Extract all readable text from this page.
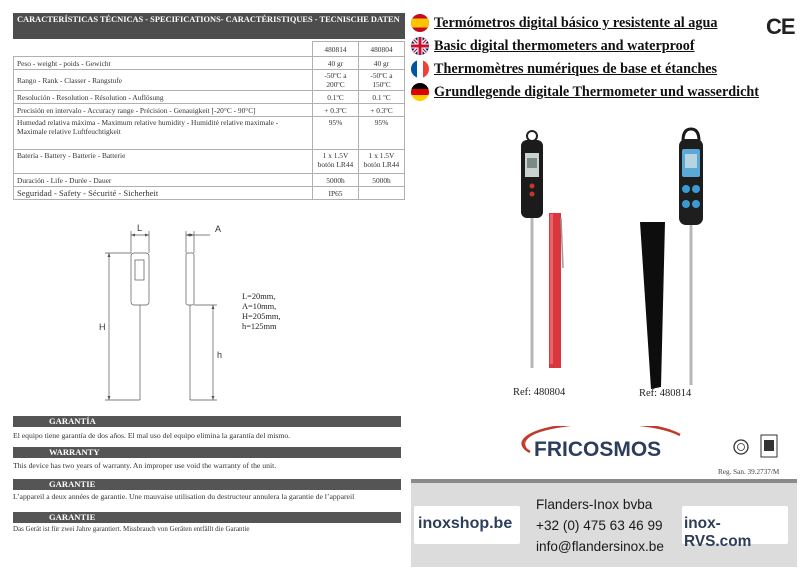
CARACTERÍSTICAS TÉCNICAS - SPECIFICATIONS- CARACTÉRISTIQUES - TECNISCHE DATEN
	480814	480804
Peso - weight - poids - Gewicht	40 gr	40 gr
Rango - Rank - Classer - Rangstufe	-50ºC a 200ºC	-50ºC a 150ºC
Resolución - Resolution - Résolution - Auflösung	0.1ºC	0.1 ºC
Precisión en intervalo - Accuracy range - Précision - Genauigkeit [-20°C - 90°C]	+ 0.3ºC	+ 0.3ºC
Humedad relativa máxima - Maximum relative humidity - Humidité relative maximale - Maximale relative Luftfeuchtigkeit	95%	95%
Batería - Battery - Batterie - Batterie	1 x 1.5V botón LR44	1 x 1.5V botón LR44
Duración - Life - Durée - Dauer	5000h	5000h
Seguridad - Safety - Sécurité - Sicherheit	IP65	
L	A
H
h
L=20mm,
A=10mm,
H=205mm,
h=125mm
GARANTÍA
El equipo tiene garantía de dos años. El mal uso del equipo elimina la garantía del mismo.
WARRANTY
This device has two years of warranty. An improper use void the warranty of the unit.
GARANTIE
L’appareil a deux années de garantie. Une mauvaise utilisation du destructeur annulera la garantie de l’appareil
GARANTIE
Das Gerät ist für zwei Jahre garantiert. Missbrauch von Geräten entfällt die Garantie
Termómetros digital básico y resistente al agua
Basic digital thermometers and waterproof
Thermomètres numériques de base et étanches
Grundlegende digitale Thermometer und wasserdicht
CE
Ref: 480804	Ref: 480814
FRICOSMOS
Reg. San. 39.2737/M
inoxshop.be	inox-RVS.com
Flanders-Inox bvba
+32 (0) 475 63 46 99
info@flandersinox.be
